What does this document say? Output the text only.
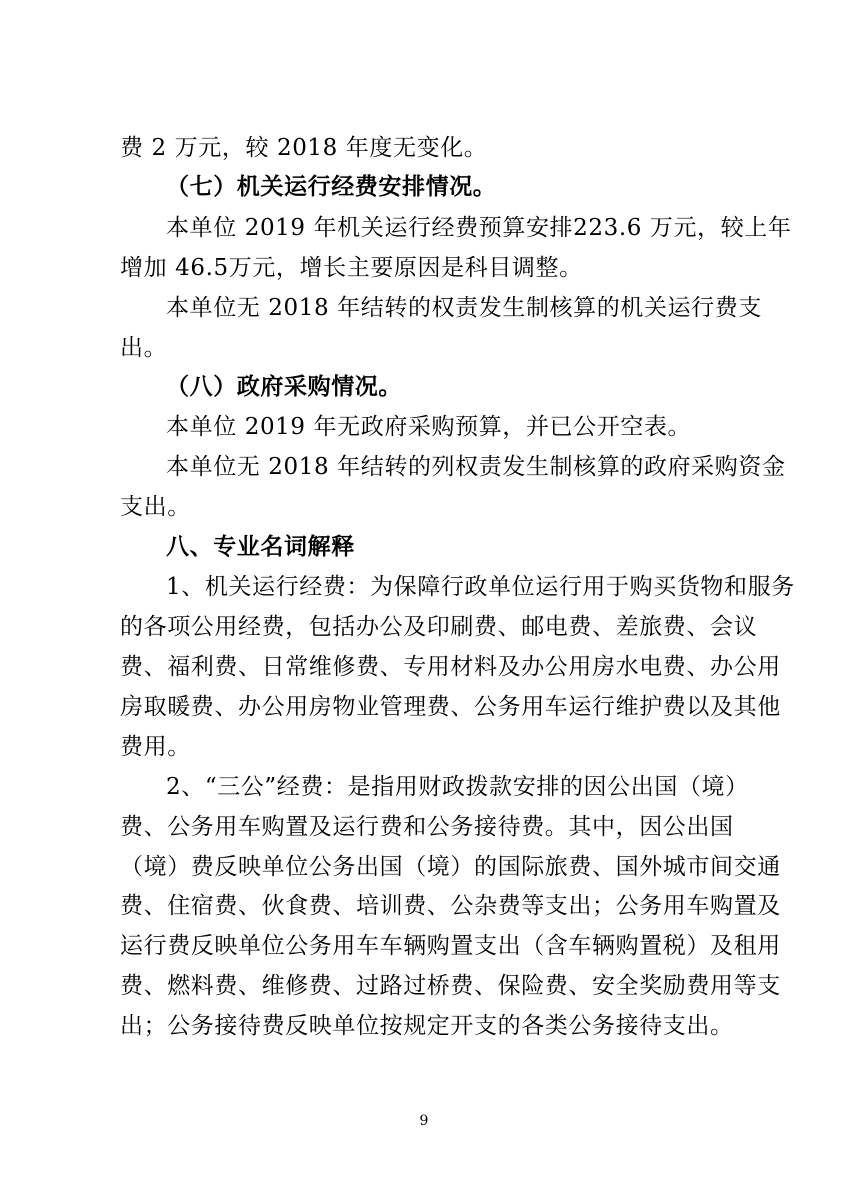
费 2 万元，较 2018 年度无变化。
（七）机关运行经费安排情况。
本单位 2019 年机关运行经费预算安排223.6 万元，较上年
增加 46.5万元，增长主要原因是科目调整。
本单位无 2018 年结转的权责发生制核算的机关运行费支
出。
（八）政府采购情况。
本单位 2019 年无政府采购预算，并已公开空表。
本单位无 2018 年结转的列权责发生制核算的政府采购资金
支出。
八、专业名词解释
1、机关运行经费：为保障行政单位运行用于购买货物和服务
的各项公用经费，包括办公及印刷费、邮电费、差旅费、会议
费、福利费、日常维修费、专用材料及办公用房水电费、办公用
房取暖费、办公用房物业管理费、公务用车运行维护费以及其他
费用。
2、“三公”经费：是指用财政拨款安排的因公出国（境）
费、公务用车购置及运行费和公务接待费。其中，因公出国
（境）费反映单位公务出国（境）的国际旅费、国外城市间交通
费、住宿费、伙食费、培训费、公杂费等支出；公务用车购置及
运行费反映单位公务用车车辆购置支出（含车辆购置税）及租用
费、燃料费、维修费、过路过桥费、保险费、安全奖励费用等支
出；公务接待费反映单位按规定开支的各类公务接待支出。
9
